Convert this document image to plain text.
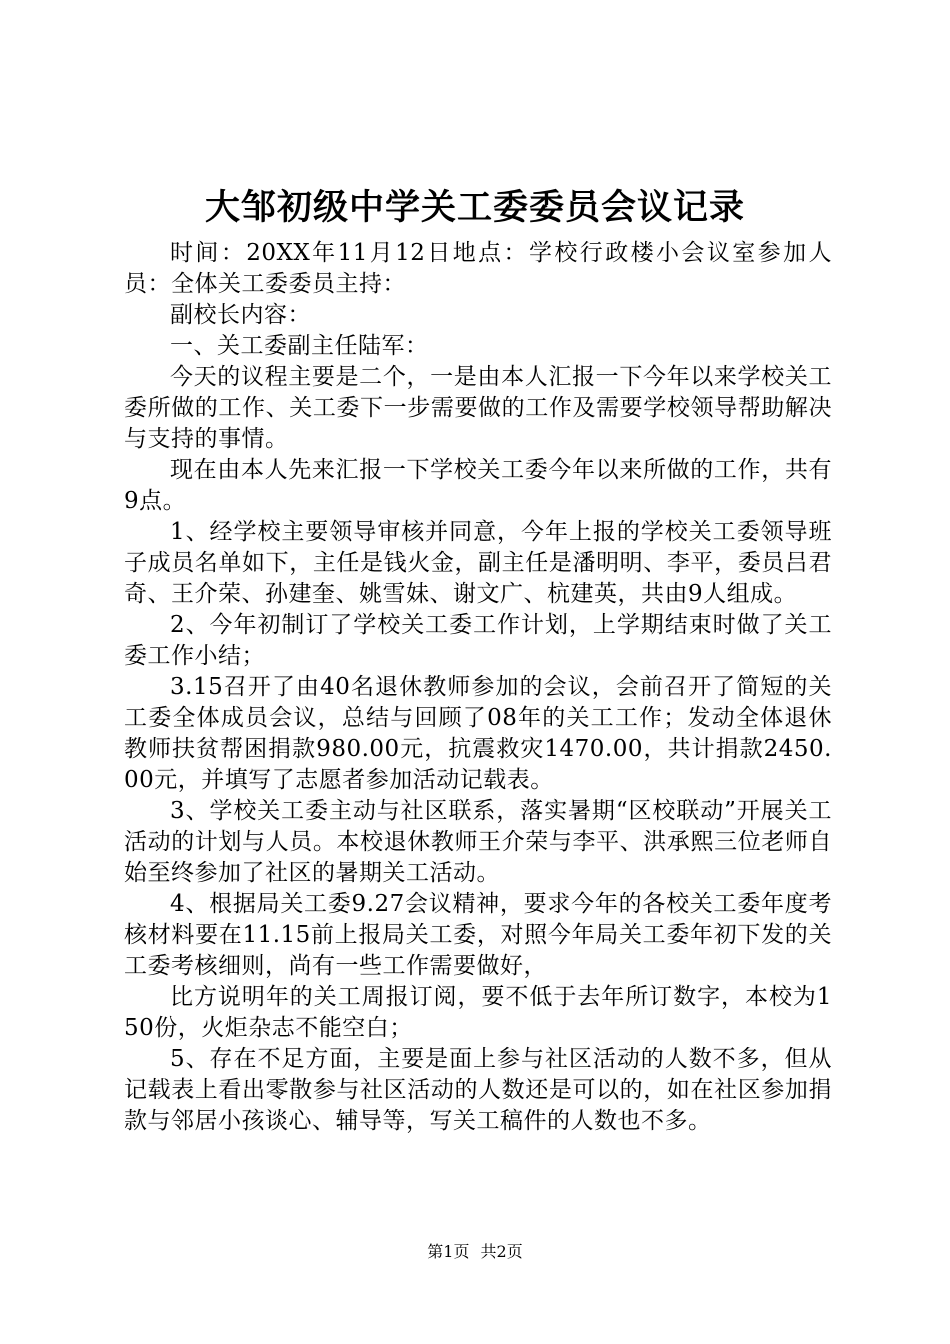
大邹初级中学关工委委员会议记录

时间：20XX年11月12日地点：学校行政楼小会议室参加人员：全体关工委委员主持：

副校长内容：

一、关工委副主任陆军：

今天的议程主要是二个，一是由本人汇报一下今年以来学校关工委所做的工作、关工委下一步需要做的工作及需要学校领导帮助解决与支持的事情。

现在由本人先来汇报一下学校关工委今年以来所做的工作，共有9点。

1、经学校主要领导审核并同意，今年上报的学校关工委领导班子成员名单如下，主任是钱火金，副主任是潘明明、李平，委员吕君奇、王介荣、孙建奎、姚雪妹、谢文广、杭建英，共由9人组成。

2、今年初制订了学校关工委工作计划，上学期结束时做了关工委工作小结；

3.15召开了由40名退休教师参加的会议，会前召开了简短的关工委全体成员会议，总结与回顾了08年的关工工作；发动全体退休教师扶贫帮困捐款980.00元，抗震救灾1470.00，共计捐款2450.00元，并填写了志愿者参加活动记载表。

3、学校关工委主动与社区联系，落实暑期“区校联动”开展关工活动的计划与人员。本校退休教师王介荣与李平、洪承熙三位老师自始至终参加了社区的暑期关工活动。

4、根据局关工委9.27会议精神，要求今年的各校关工委年度考核材料要在11.15前上报局关工委，对照今年局关工委年初下发的关工委考核细则，尚有一些工作需要做好，

比方说明年的关工周报订阅，要不低于去年所订数字，本校为150份，火炬杂志不能空白；

5、存在不足方面，主要是面上参与社区活动的人数不多，但从记载表上看出零散参与社区活动的人数还是可以的，如在社区参加捐款与邻居小孩谈心、辅导等，写关工稿件的人数也不多。

第1页 共2页
